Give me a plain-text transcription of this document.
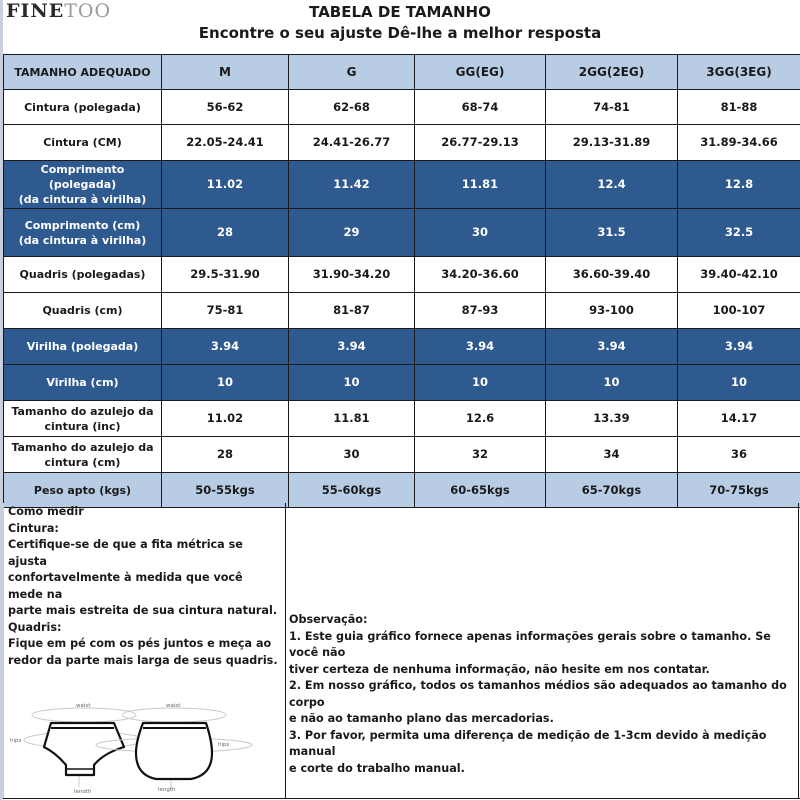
FINETOO	TABELA DE TAMANHO
Encontre o seu ajuste Dê-lhe a melhor resposta
TAMANHO ADEQUADO	M	G	GG(EG)	2GG(2EG)	3GG(3EG)
Cintura (polegada)	56-62	62-68	68-74	74-81	81-88
Cintura (CM)	22.05-24.41	24.41-26.77	26.77-29.13	29.13-31.89	31.89-34.66

Comprimento
(polegada)
(da cintura à virilha)	11.02	11.42	11.81	12.4	12.8

Comprimento (cm)
(da cintura à virilha)	28	29	30	31.5	32.5
Quadris (polegadas)	29.5-31.90	31.90-34.20	34.20-36.60	36.60-39.40	39.40-42.10
Quadris (cm)	75-81	81-87	87-93	93-100	100-107
Virilha (polegada)	3.94	3.94	3.94	3.94	3.94
Virilha (cm)	10	10	10	10	10

Tamanho do azulejo da
cintura (inc)	11.02	11.81	12.6	13.39	14.17

Tamanho do azulejo da
cintura (cm)	28	30	32	34	36
Peso apto (kgs)	50-55kgs	55-60kgs	60-65kgs	65-70kgs	70-75kgs
Como medir
Cintura:
Certifique-se de que a fita métrica se ajusta
confortavelmente à medida que você mede na
parte mais estreita de sua cintura natural.
Quadris:
Fique em pé com os pés juntos e meça ao
redor da parte mais larga de seus quadris.
waist
hips
length
waist
hips
length
Observação:
1. Este guia gráfico fornece apenas informações gerais sobre o tamanho. Se você não
tiver certeza de nenhuma informação, não hesite em nos contatar.
2. Em nosso gráfico, todos os tamanhos médios são adequados ao tamanho do corpo
e não ao tamanho plano das mercadorias.
3. Por favor, permita uma diferença de medição de 1-3cm devido à medição manual
e corte do trabalho manual.
